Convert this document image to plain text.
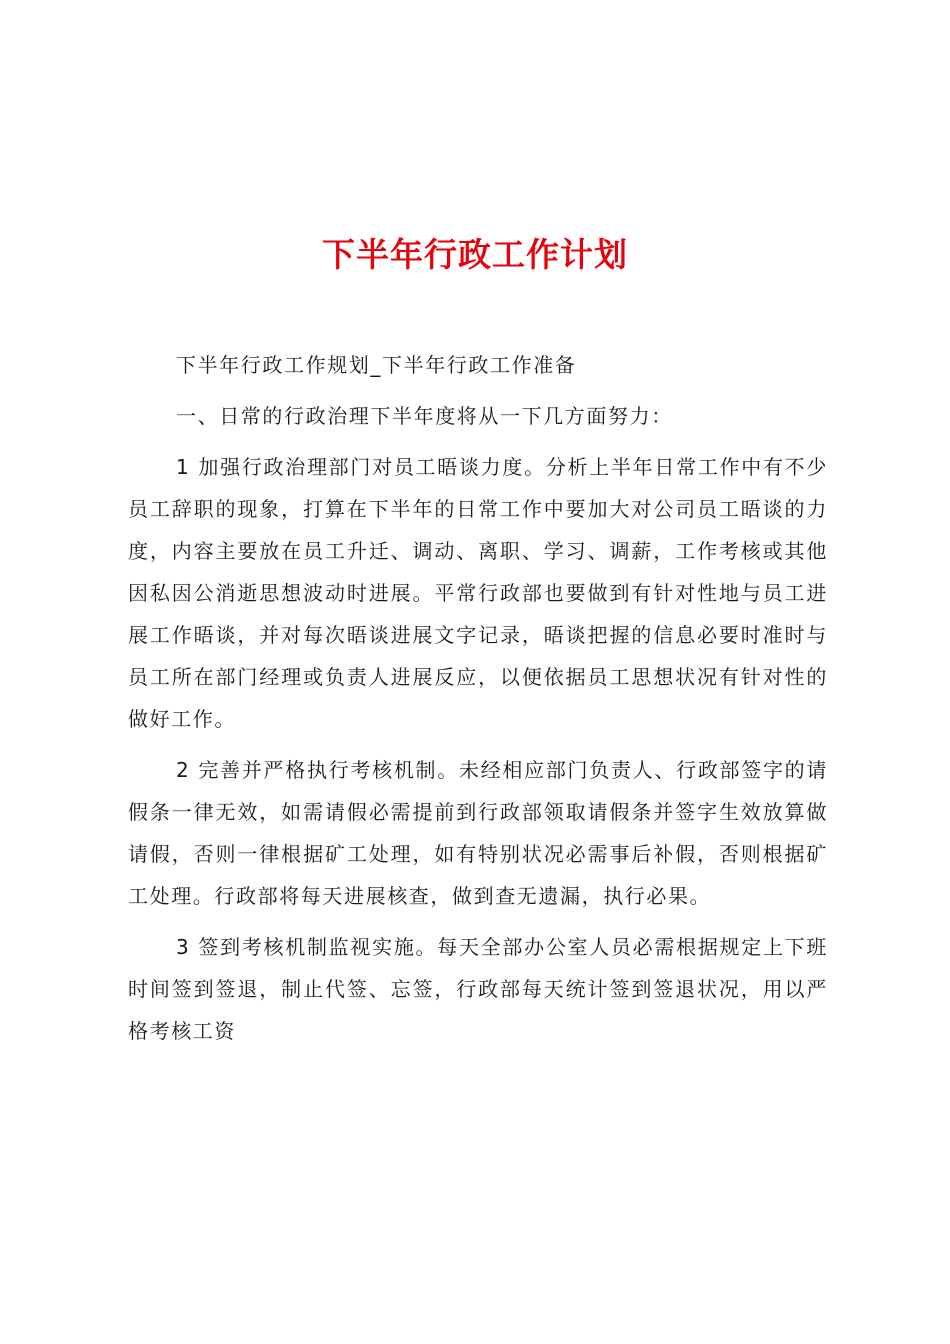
下半年行政工作计划

下半年行政工作规划_下半年行政工作准备

一、日常的行政治理下半年度将从一下几方面努力：

1 加强行政治理部门对员工晤谈力度。分析上半年日常工作中有不少员工辞职的现象，打算在下半年的日常工作中要加大对公司员工晤谈的力度，内容主要放在员工升迁、调动、离职、学习、调薪，工作考核或其他因私因公消逝思想波动时进展。平常行政部也要做到有针对性地与员工进展工作晤谈，并对每次晤谈进展文字记录，晤谈把握的信息必要时准时与员工所在部门经理或负责人进展反应，以便依据员工思想状况有针对性的做好工作。

2 完善并严格执行考核机制。未经相应部门负责人、行政部签字的请假条一律无效，如需请假必需提前到行政部领取请假条并签字生效放算做请假，否则一律根据矿工处理，如有特别状况必需事后补假，否则根据矿工处理。行政部将每天进展核查，做到查无遗漏，执行必果。

3 签到考核机制监视实施。每天全部办公室人员必需根据规定上下班时间签到签退，制止代签、忘签，行政部每天统计签到签退状况，用以严格考核工资
